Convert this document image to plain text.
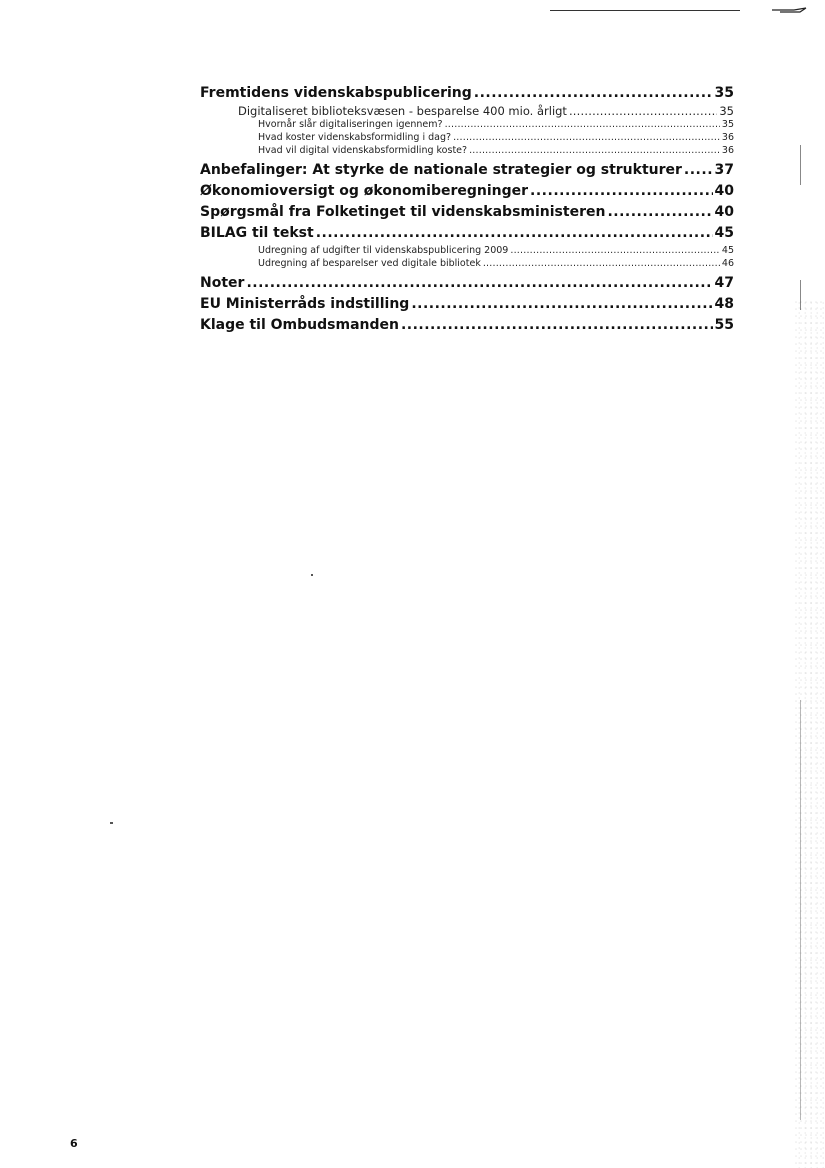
Fremtidens videnskabspublicering .....	35
Digitaliseret biblioteksvæsen - besparelse 400 mio. årligt .....	35
Hvornår slår digitaliseringen igennem? .....	35
Hvad koster videnskabsformidling i dag? .....	36
Hvad vil digital videnskabsformidling koste? .....	36
Anbefalinger: At styrke de nationale strategier og strukturer ..... 37
Økonomioversigt og økonomiberegninger .....	40
Spørgsmål fra Folketinget til videnskabsministeren .....	40
BILAG til tekst .....	45
Udregning af udgifter til videnskabspublicering 2009 .....	45
Udregning af besparelser ved digitale bibliotek .....	46
Noter .....	47
EU Ministerråds indstilling .....	48
Klage til Ombudsmanden .....	55
6
